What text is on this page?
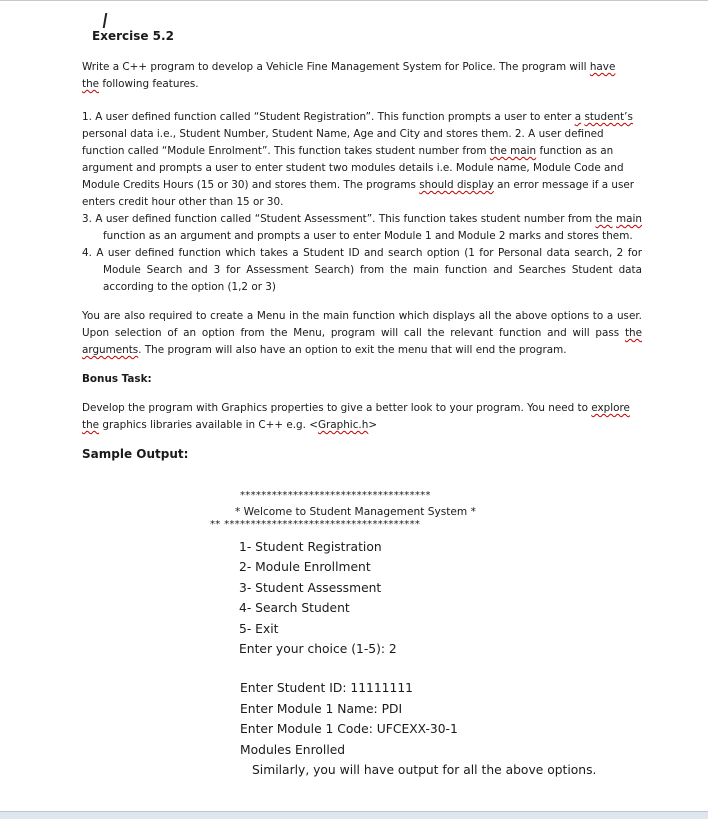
Exercise 5.2

Write a C++ program to develop a Vehicle Fine Management System for Police. The program will have
the following features.

1. A user defined function called “Student Registration”. This function prompts a user to enter a student’s personal data i.e., Student Number, Student Name, Age and City and stores them. 2. A user defined function called “Module Enrolment”. This function takes student number from the main function as an argument and prompts a user to enter student two modules details i.e. Module name, Module Code and Module Credits Hours (15 or 30) and stores them. The programs should display an error message if a user enters credit hour other than 15 or 30.

3. A user defined function called “Student Assessment”. This function takes student number from the main function as an argument and prompts a user to enter Module 1 and Module 2 marks and stores them.

4. A user defined function which takes a Student ID and search option (1 for Personal data search, 2 for Module Search and 3 for Assessment Search) from the main function and Searches Student data according to the option (1,2 or 3)

You are also required to create a Menu in the main function which displays all the above options to a user. Upon selection of an option from the Menu, program will call the relevant function and will pass the arguments. The program will also have an option to exit the menu that will end the program.

Bonus Task:

Develop the program with Graphics properties to give a better look to your program. You need to explore the graphics libraries available in C++ e.g. <Graphic.h>

Sample Output:
************************************
* Welcome to Student Management System *
** *************************************
1- Student Registration
2- Module Enrollment
3- Student Assessment
4- Search Student
5- Exit
Enter your choice (1-5): 2
Enter Student ID: 11111111
Enter Module 1 Name: PDI
Enter Module 1 Code: UFCEXX-30-1
Modules Enrolled
Similarly, you will have output for all the above options.
